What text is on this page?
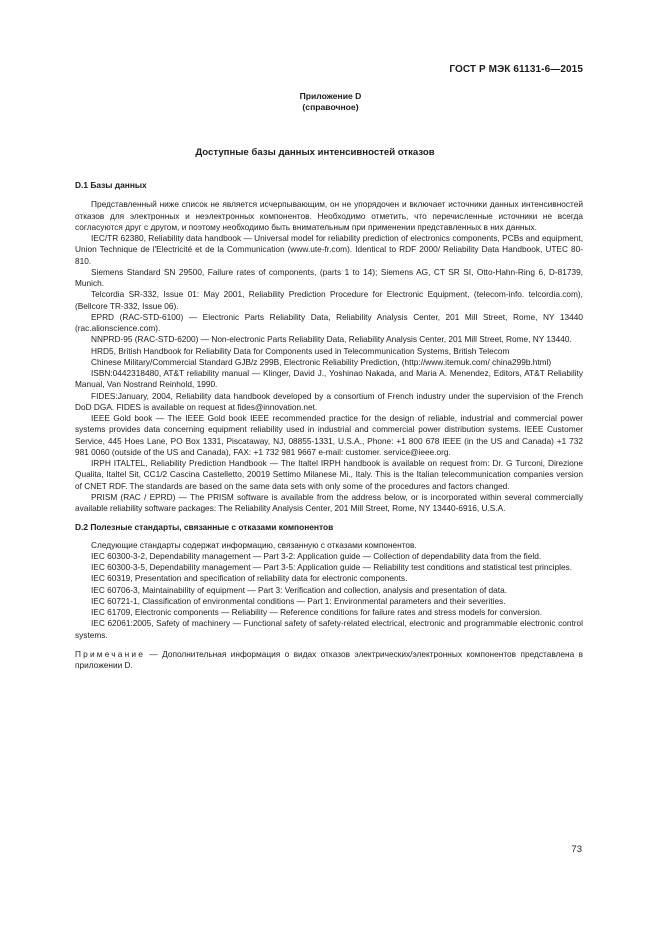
ГОСТ Р МЭК 61131-6—2015
Приложение D
(справочное)
Доступные базы данных интенсивностей отказов
D.1 Базы данных

Представленный ниже список не является исчерпывающим, он не упорядочен и включает источники данных интенсивностей отказов для электронных и неэлектронных компонентов. Необходимо отметить, что перечисленные источники не всегда согласуются друг с другом, и поэтому необходимо быть внимательным при применении представленных в них данных.

IEC/TR 62380, Reliability data handbook — Universal model for reliability prediction of electronics components, PCBs and equipment, Union Technique de l'Electricité et de la Communication (www.ute-fr.com). Identical to RDF 2000/ Reliability Data Handbook, UTEC 80-810.

Siemens Standard SN 29500, Failure rates of components, (parts 1 to 14); Siemens AG, CT SR SI, Otto-Hahn-Ring 6, D-81739, Munich.

Telcordia SR-332, Issue 01: May 2001, Reliability Prediction Procedure for Electronic Equipment, (telecom-info. telcordia.com), (Bellcore TR-332, Issue 06).

EPRD (RAC-STD-6100) — Electronic Parts Reliability Data, Reliability Analysis Center, 201 Mill Street, Rome, NY 13440 (rac.alionscience.com).

NNPRD-95 (RAC-STD-6200) — Non-electronic Parts Reliability Data, Reliability Analysis Center, 201 Mill Street, Rome, NY 13440.

HRD5, British Handbook for Reliability Data for Components used in Telecommunication Systems, British Telecom

Chinese Military/Commercial Standard GJB/z 299B, Electronic Reliability Prediction, (http://www.itemuk.com/ china299b.html)

ISBN:0442318480, AT&T reliability manual — Klinger, David J., Yoshinao Nakada, and Maria A. Menendez, Editors, AT&T Reliability Manual, Van Nostrand Reinhold, 1990.

FIDES:January, 2004, Reliability data handbook developed by a consortium of French industry under the supervision of the French DoD DGA. FIDES is available on request at fides@innovation.net.

IEEE Gold book — The IEEE Gold book IEEE recommended practice for the design of reliable, industrial and commercial power systems provides data concerning equipment reliability used in industrial and commercial power distribution systems. IEEE Customer Service, 445 Hoes Lane, PO Box 1331, Piscataway, NJ, 08855-1331, U.S.A., Phone: +1 800 678 IEEE (in the US and Canada) +1 732 981 0060 (outside of the US and Canada), FAX: +1 732 981 9667 e-mail: customer. service@ieee.org.

IRPH ITALTEL, Reliability Prediction Handbook — The Italtel IRPH handbook is available on request from: Dr. G Turconi, Direzione Qualita, Italtel Sit, CC1/2 Cascina Castelletto, 20019 Settimo Milanese Mi., Italy. This is the Italian telecommunication companies version of CNET RDF. The standards are based on the same data sets with only some of the procedures and factors changed.

PRISM (RAC / EPRD) — The PRISM software is available from the address below, or is incorporated within several commercially available reliability software packages: The Reliability Analysis Center, 201 Mill Street, Rome, NY 13440-6916, U.S.A.

D.2 Полезные стандарты, связанные с отказами компонентов

Следующие стандарты содержат информацию, связанную с отказами компонентов.

IEC 60300-3-2, Dependability management — Part 3-2: Application guide — Collection of dependability data from the field.

IEC 60300-3-5, Dependability management — Part 3-5: Application guide — Reliability test conditions and statistical test principles.

IEC 60319, Presentation and specification of reliability data for electronic components.

IEC 60706-3, Maintainability of equipment — Part 3: Verification and collection, analysis and presentation of data.

IEC 60721-1, Classification of environmental conditions — Part 1: Environmental parameters and their severities.

IEC 61709, Electronic components — Reliability — Reference conditions for failure rates and stress models for conversion.

IEC 62061:2005, Safety of machinery — Functional safety of safety-related electrical, electronic and programmable electronic control systems.

Примечание — Дополнительная информация о видах отказов электрических/электронных компонентов представлена в приложении D.

73
